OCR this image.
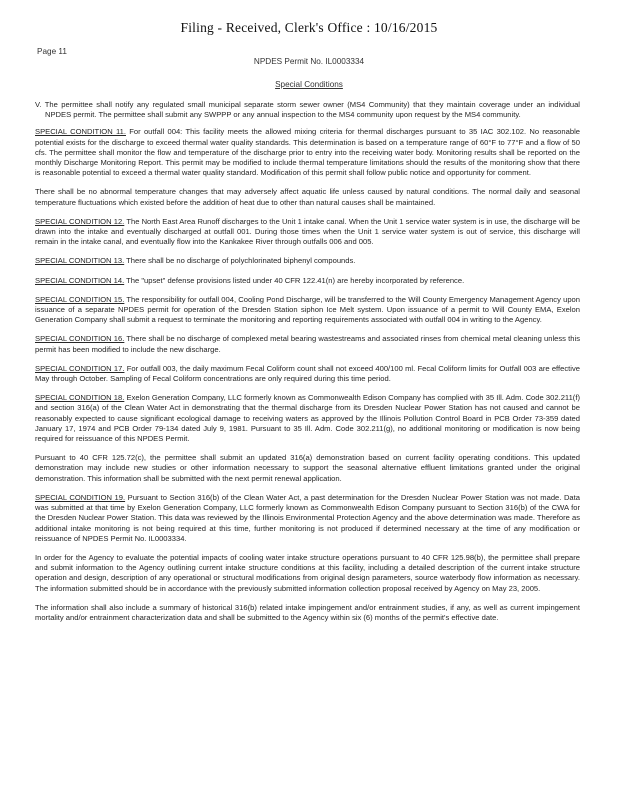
Filing - Received, Clerk's Office : 10/16/2015
Page 11
NPDES Permit No. IL0003334
Special Conditions
V. The permittee shall notify any regulated small municipal separate storm sewer owner (MS4 Community) that they maintain coverage under an individual NPDES permit. The permittee shall submit any SWPPP or any annual inspection to the MS4 community upon request by the MS4 community.
SPECIAL CONDITION 11. For outfall 004: This facility meets the allowed mixing criteria for thermal discharges pursuant to 35 IAC 302.102. No reasonable potential exists for the discharge to exceed thermal water quality standards. This determination is based on a temperature range of 60°F to 77°F and a flow of 50 cfs. The permittee shall monitor the flow and temperature of the discharge prior to entry into the receiving water body. Monitoring results shall be reported on the monthly Discharge Monitoring Report. This permit may be modified to include thermal temperature limitations should the results of the monitoring show that there is reasonable potential to exceed a thermal water quality standard. Modification of this permit shall follow public notice and opportunity for comment.
There shall be no abnormal temperature changes that may adversely affect aquatic life unless caused by natural conditions. The normal daily and seasonal temperature fluctuations which existed before the addition of heat due to other than natural causes shall be maintained.
SPECIAL CONDITION 12. The North East Area Runoff discharges to the Unit 1 intake canal. When the Unit 1 service water system is in use, the discharge will be drawn into the intake and eventually discharged at outfall 001. During those times when the Unit 1 service water system is out of service, this discharge will remain in the intake canal, and eventually flow into the Kankakee River through outfalls 006 and 005.
SPECIAL CONDITION 13. There shall be no discharge of polychlorinated biphenyl compounds.
SPECIAL CONDITION 14. The "upset" defense provisions listed under 40 CFR 122.41(n) are hereby incorporated by reference.
SPECIAL CONDITION 15. The responsibility for outfall 004, Cooling Pond Discharge, will be transferred to the Will County Emergency Management Agency upon issuance of a separate NPDES permit for operation of the Dresden Station siphon Ice Melt system. Upon issuance of a permit to Will County EMA, Exelon Generation Company shall submit a request to terminate the monitoring and reporting requirements associated with outfall 004 in writing to the Agency.
SPECIAL CONDITION 16. There shall be no discharge of complexed metal bearing wastestreams and associated rinses from chemical metal cleaning unless this permit has been modified to include the new discharge.
SPECIAL CONDITION 17. For outfall 003, the daily maximum Fecal Coliform count shall not exceed 400/100 ml. Fecal Coliform limits for Outfall 003 are effective May through October. Sampling of Fecal Coliform concentrations are only required during this time period.
SPECIAL CONDITION 18. Exelon Generation Company, LLC formerly known as Commonwealth Edison Company has complied with 35 Ill. Adm. Code 302.211(f) and section 316(a) of the Clean Water Act in demonstrating that the thermal discharge from its Dresden Nuclear Power Station has not caused and cannot be reasonably expected to cause significant ecological damage to receiving waters as approved by the Illinois Pollution Control Board in PCB Order 73-359 dated January 17, 1974 and PCB Order 79-134 dated July 9, 1981. Pursuant to 35 Ill. Adm. Code 302.211(g), no additional monitoring or modification is now being required for reissuance of this NPDES Permit.
Pursuant to 40 CFR 125.72(c), the permittee shall submit an updated 316(a) demonstration based on current facility operating conditions. This updated demonstration may include new studies or other information necessary to support the seasonal alternative effluent limitations granted under the original demonstration. This information shall be submitted with the next permit renewal application.
SPECIAL CONDITION 19. Pursuant to Section 316(b) of the Clean Water Act, a past determination for the Dresden Nuclear Power Station was not made. Data was submitted at that time by Exelon Generation Company, LLC formerly known as Commonwealth Edison Company pursuant to Section 316(b) of the CWA for the Dresden Nuclear Power Station. This data was reviewed by the Illinois Environmental Protection Agency and the above determination was made. Therefore as additional intake monitoring is not being required at this time, further monitoring is not produced if determined necessary at the time of any modification or reissuance of NPDES Permit No. IL0003334.
In order for the Agency to evaluate the potential impacts of cooling water intake structure operations pursuant to 40 CFR 125.98(b), the permittee shall prepare and submit information to the Agency outlining current intake structure conditions at this facility, including a detailed description of the current intake structure operation and design, description of any operational or structural modifications from original design parameters, source waterbody flow information as necessary. The information submitted should be in accordance with the previously submitted information collection proposal received by Agency on May 23, 2005.
The information shall also include a summary of historical 316(b) related intake impingement and/or entrainment studies, if any, as well as current impingement mortality and/or entrainment characterization data and shall be submitted to the Agency within six (6) months of the permit's effective date.
